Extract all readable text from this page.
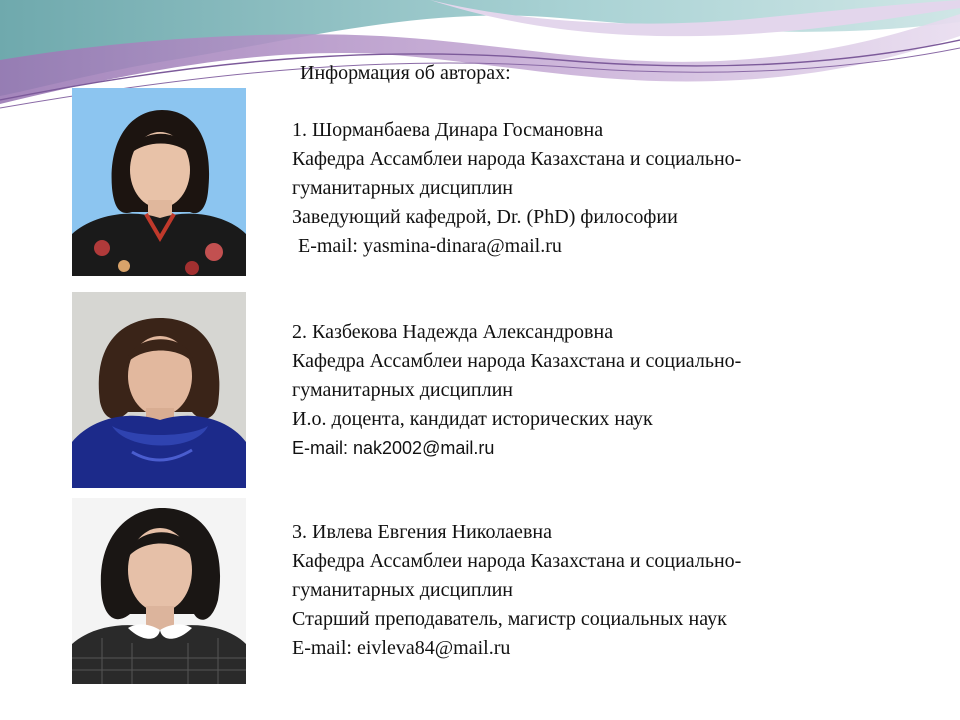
Информация об авторах:
1. Шорманбаева Динара Госмановна
Кафедра Ассамблеи народа Казахстана и социально-
гуманитарных дисциплин
Заведующий кафедрой, Dr. (PhD) философии
E-mail: yasmina-dinara@mail.ru
2. Казбекова Надежда Александровна
Кафедра Ассамблеи народа Казахстана и социально-
гуманитарных дисциплин
И.о. доцента, кандидат исторических наук
E-mail: nak2002@mail.ru
3. Ивлева Евгения Николаевна
Кафедра Ассамблеи народа Казахстана и социально-
гуманитарных дисциплин
Старший преподаватель, магистр социальных наук
E-mail: eivleva84@mail.ru
